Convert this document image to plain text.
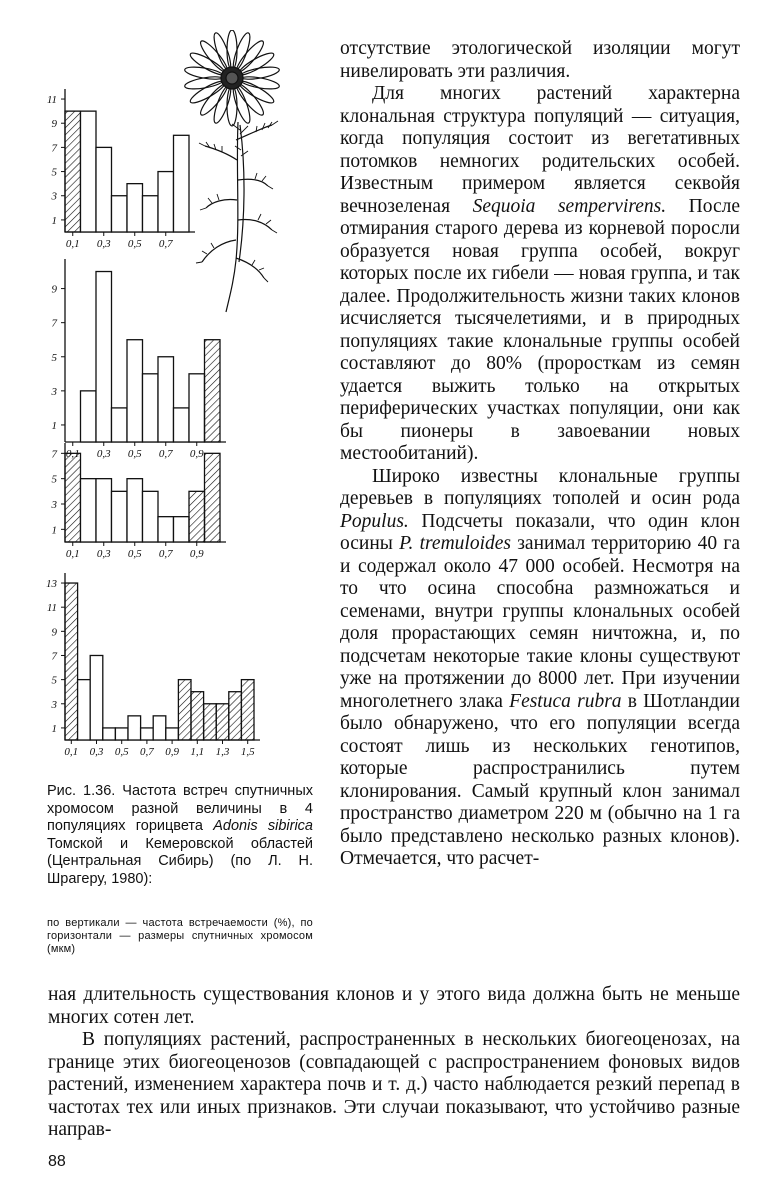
1
3
5
7
9
11
0,1 0,3 0,5 0,7
1
3
5
7
9
0,3 0,5 0,7 0,9
1
3
5
7
0,1 0,3 0,5 0,7 0,9
1
3
5
7
9
11
13
0,1 0,3 0,5 0,7 0,9 1,1 1,3 1,5

отсутствие этологической изоляции могут нивелировать эти различия.

Для многих растений характерна клональная структура популяций — ситуация, когда популяция состоит из вегетативных потомков немногих родительских особей. Известным примером является секвойя вечнозеленая Sequoia sempervirens. После отмирания старого дерева из корневой поросли образуется новая группа особей, вокруг которых после их гибели — новая группа, и так далее. Продолжительность жизни таких клонов исчисляется тысячелетиями, и в природных популяциях такие клональные группы особей составляют до 80% (проросткам из семян удается выжить только на открытых периферических участках популяции, они как бы пионеры в завоевании новых местообитаний).

Широко известны клональные группы деревьев в популяциях тополей и осин рода Populus. Подсчеты показали, что один клон осины P. tremuloides занимал территорию 40 га и содержал около 47 000 особей. Несмотря на то что осина способна размножаться и семенами, внутри группы клональных особей доля прорастающих семян ничтожна, и, по подсчетам некоторые такие клоны существуют уже на протяжении до 8000 лет. При изучении многолетнего злака Festuca rubra в Шотландии было обнаружено, что его популяции всегда состоят лишь из нескольких генотипов, которые распространились путем клонирования. Самый крупный клон занимал пространство диаметром 220 м (обычно на 1 га было представлено несколько разных клонов). Отмечается, что расчет-

ная длительность существования клонов и у этого вида должна быть не меньше многих сотен лет.

В популяциях растений, распространенных в нескольких биогеоценозах, на границе этих биогеоценозов (совпадающей с распространением фоновых видов растений, изменением характера почв и т. д.) часто наблюдается резкий перепад в частотах тех или иных признаков. Эти случаи показывают, что устойчиво разные направ-

Рис. 1.36. Частота встреч спутничных хромосом разной величины в 4 популяциях горицвета Adonis sibirica Томской и Кемеровской областей (Центральная Сибирь) (по Л. Н. Шрагеру, 1980):
по вертикали — частота встречаемости (%), по горизонтали — размеры спутничных хромосом (мкм)
88
